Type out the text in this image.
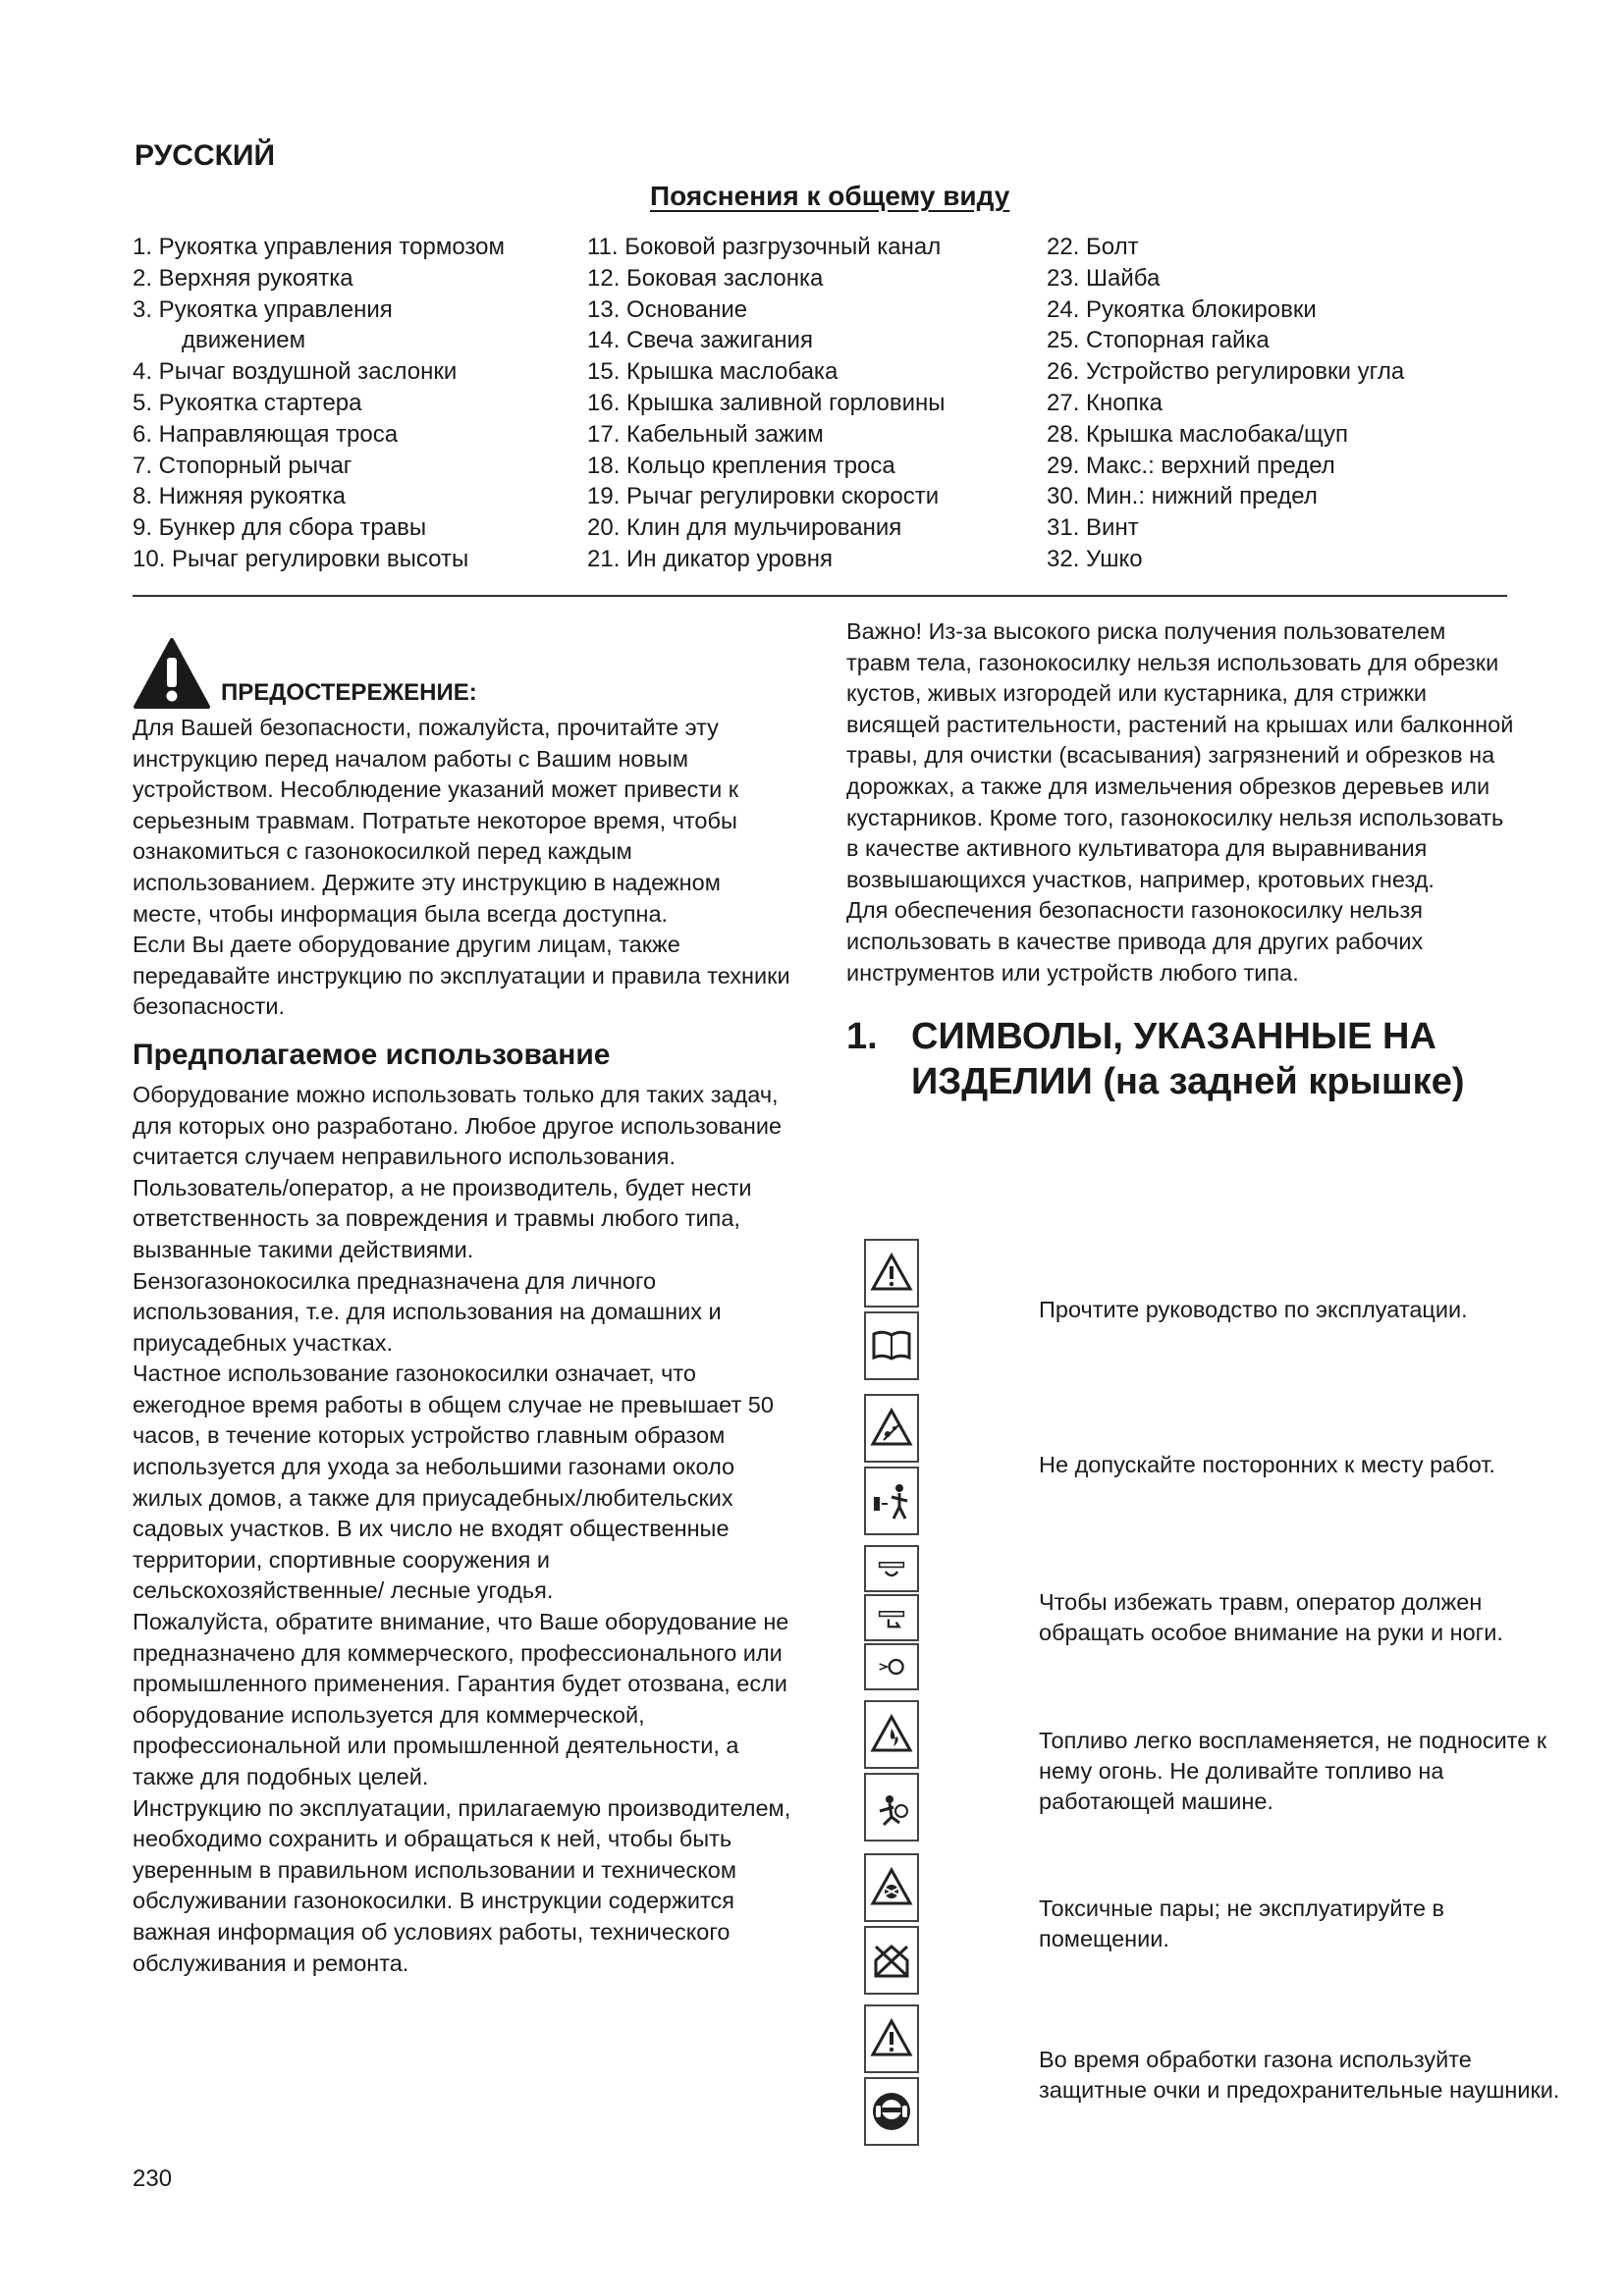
РУССКИЙ
Пояснения к общему виду
1. Рукоятка управления тормозом
2. Верхняя рукоятка
3. Рукоятка управления
движением
4. Рычаг воздушной заслонки
5. Рукоятка стартера
6. Направляющая троса
7. Стопорный рычаг
8. Нижняя рукоятка
9. Бункер для сбора травы
10. Рычаг регулировки высоты
11. Боковой разгрузочный канал
12. Боковая заслонка
13. Основание
14. Свеча зажигания
15. Крышка маслобака
16. Крышка заливной горловины
17. Кабельный зажим
18. Кольцо крепления троса
19. Рычаг регулировки скорости
20. Клин для мульчирования
21. Ин дикатор уровня
22. Болт
23. Шайба
24. Рукоятка блокировки
25. Стопорная гайка
26. Устройство регулировки угла
27. Кнопка
28. Крышка маслобака/щуп
29. Макс.: верхний предел
30. Мин.: нижний предел
31. Винт
32. Ушко
ПРЕДОСТЕРЕЖЕНИЕ:

Для Вашей безопасности, пожалуйста, прочитайте эту инструкцию перед началом работы с Вашим новым устройством. Несоблюдение указаний может привести к серьезным травмам. Потратьте некоторое время, чтобы ознакомиться с газонокосилкой перед каждым использованием. Держите эту инструкцию в надежном месте, чтобы информация была всегда доступна.

Если Вы даете оборудование другим лицам, также передавайте инструкцию по эксплуатации и правила техники безопасности.

Предполагаемое использование

Оборудование можно использовать только для таких задач, для которых оно разработано. Любое другое использование считается случаем неправильного использования. Пользователь/оператор, а не производитель, будет нести ответственность за повреждения и травмы любого типа, вызванные такими действиями.

Бензогазонокосилка предназначена для личного использования, т.е. для использования на домашних и приусадебных участках.

Частное использование газонокосилки означает, что ежегодное время работы в общем случае не превышает 50 часов, в течение которых устройство главным образом используется для ухода за небольшими газонами около жилых домов, а также для приусадебных/любительских садовых участков. В их число не входят общественные территории, спортивные сооружения и сельскохозяйственные/ лесные угодья.

Пожалуйста, обратите внимание, что Ваше оборудование не предназначено для коммерческого, профессионального или промышленного применения. Гарантия будет отозвана, если оборудование используется для коммерческой, профессиональной или промышленной деятельности, а также для подобных целей.

Инструкцию по эксплуатации, прилагаемую производителем, необходимо сохранить и обращаться к ней, чтобы быть уверенным в правильном использовании и техническом обслуживании газонокосилки. В инструкции содержится важная информация об условиях работы, технического обслуживания и ремонта.

Важно! Из-за высокого риска получения пользователем травм тела, газонокосилку нельзя использовать для обрезки кустов, живых изгородей или кустарника, для стрижки висящей растительности, растений на крышах или балконной травы, для очистки (всасывания) загрязнений и обрезков на дорожках, а также для измельчения обрезков деревьев или кустарников. Кроме того, газонокосилку нельзя использовать в качестве активного культиватора для выравнивания возвышающихся участков, например, кротовьих гнезд.

Для обеспечения безопасности газонокосилку нельзя использовать в качестве привода для других рабочих инструментов или устройств любого типа.

1. СИМВОЛЫ, УКАЗАННЫЕ НА ИЗДЕЛИИ (на задней крышке)
Прочтите руководство по эксплуатации.
Не допускайте посторонних к месту работ.
Чтобы избежать травм, оператор должен обращать особое внимание на руки и ноги.
Топливо легко воспламеняется, не подносите к нему огонь. Не доливайте топливо на работающей машине.
Токсичные пары; не эксплуатируйте в помещении.
Во время обработки газона используйте защитные очки и предохранительные наушники.
230
